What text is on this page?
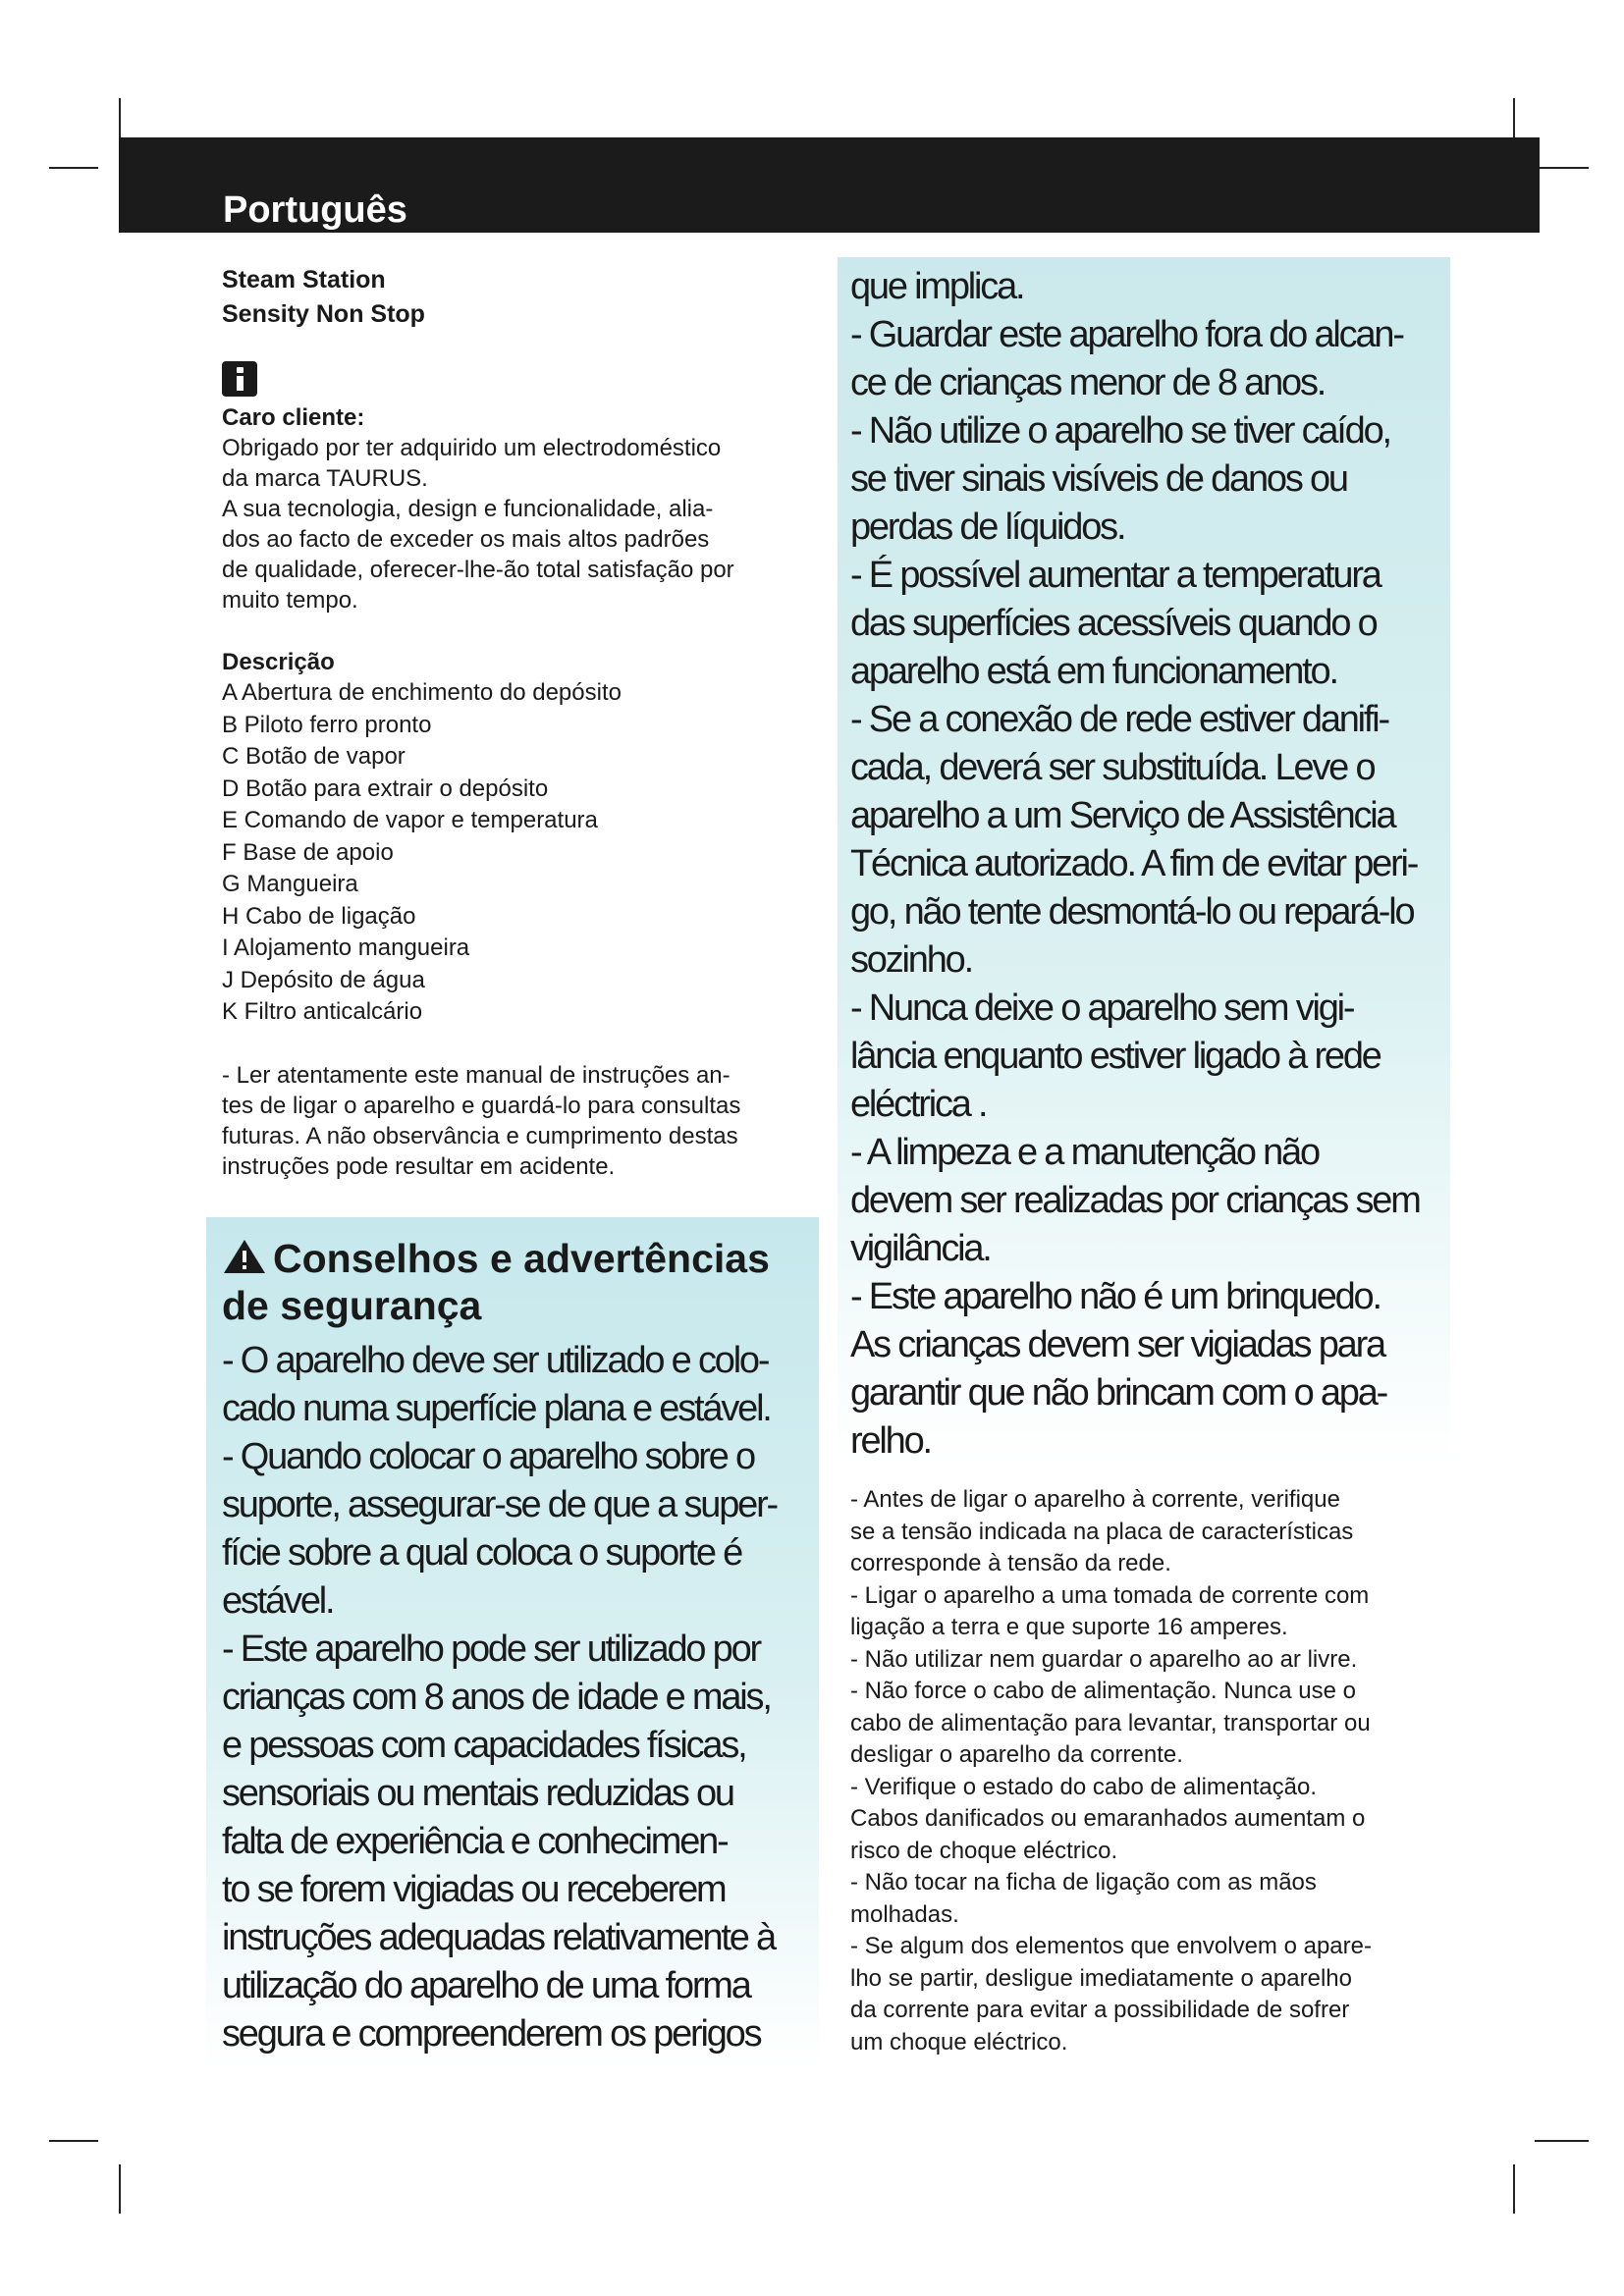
Português

Steam Station

Sensity Non Stop

Caro cliente:

Obrigado por ter adquirido um electrodoméstico

da marca TAURUS.

A sua tecnologia, design e funcionalidade, alia-

dos ao facto de exceder os mais altos padrões

de qualidade, oferecer-lhe-ão total satisfação por

muito tempo.

Descrição

A Abertura de enchimento do depósito
B Piloto ferro pronto
C Botão de vapor
D Botão para extrair o depósito
E Comando de vapor e temperatura
F Base de apoio
G Mangueira
H Cabo de ligação
I Alojamento mangueira
J Depósito de água
K Filtro anticalcário

- Ler atentamente este manual de instruções an-

tes de ligar o aparelho e guardá-lo para consultas

futuras. A não observância e cumprimento destas

instruções pode resultar em acidente.

Conselhos e advertências
de segurança

- O aparelho deve ser utilizado e colo-

cado numa superfície plana e estável.

- Quando colocar o aparelho sobre o

suporte, assegurar-se de que a super-

fície sobre a qual coloca o suporte é

estável.

- Este aparelho pode ser utilizado por

crianças com 8 anos de idade e mais,

e pessoas com capacidades físicas,

sensoriais ou mentais reduzidas ou

falta de experiência e conhecimen-

to se forem vigiadas ou receberem

instruções adequadas relativamente à

utilização do aparelho de uma forma

segura e compreenderem os perigos

que implica.

- Guardar este aparelho fora do alcan-

ce de crianças menor de 8 anos.

- Não utilize o aparelho se tiver caído,

se tiver sinais visíveis de danos ou

perdas de líquidos.

- É possível aumentar a temperatura

das superfícies acessíveis quando o

aparelho está em funcionamento.

- Se a conexão de rede estiver danifi-

cada, deverá ser substituída. Leve o

aparelho a um Serviço de Assistência

Técnica autorizado. A fim de evitar peri-

go, não tente desmontá-lo ou repará-lo

sozinho.

- Nunca deixe o aparelho sem vigi-

lância enquanto estiver ligado à rede

eléctrica .

- A limpeza e a manutenção não

devem ser realizadas por crianças sem

vigilância.

- Este aparelho não é um brinquedo.

As crianças devem ser vigiadas para

garantir que não brincam com o apa-

relho.

- Antes de ligar o aparelho à corrente, verifique

se a tensão indicada na placa de características

corresponde à tensão da rede.

- Ligar o aparelho a uma tomada de corrente com

ligação a terra e que suporte 16 amperes.

- Não utilizar nem guardar o aparelho ao ar livre.

- Não force o cabo de alimentação. Nunca use o

cabo de alimentação para levantar, transportar ou

desligar o aparelho da corrente.

- Verifique o estado do cabo de alimentação.

Cabos danificados ou emaranhados aumentam o

risco de choque eléctrico.

- Não tocar na ficha de ligação com as mãos

molhadas.

- Se algum dos elementos que envolvem o apare-

lho se partir, desligue imediatamente o aparelho

da corrente para evitar a possibilidade de sofrer

um choque eléctrico.
